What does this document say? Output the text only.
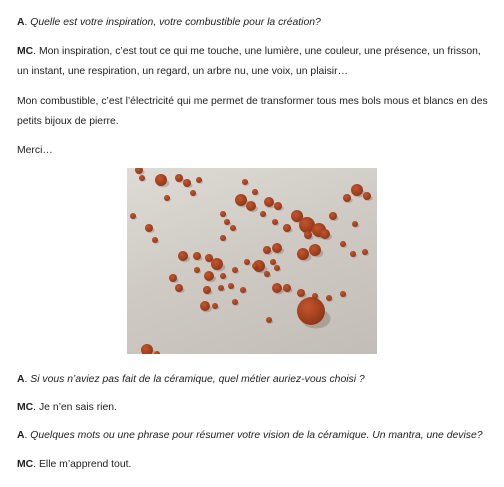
A. Quelle est votre inspiration, votre combustible pour la création?

MC. Mon inspiration, c’est tout ce qui me touche, une lumière, une couleur, une présence, un frisson, un instant, une respiration, un regard, un arbre nu, une voix, un plaisir…

Mon combustible, c’est l’électricité qui me permet de transformer tous mes bols mous et blancs en des petits bijoux de pierre.

Merci…

A. Si vous n’aviez pas fait de la céramique, quel métier auriez-vous choisi ?

MC. Je n’en sais rien.

A. Quelques mots ou une phrase pour résumer votre vision de la céramique. Un mantra, une devise?

MC. Elle m’apprend tout.
